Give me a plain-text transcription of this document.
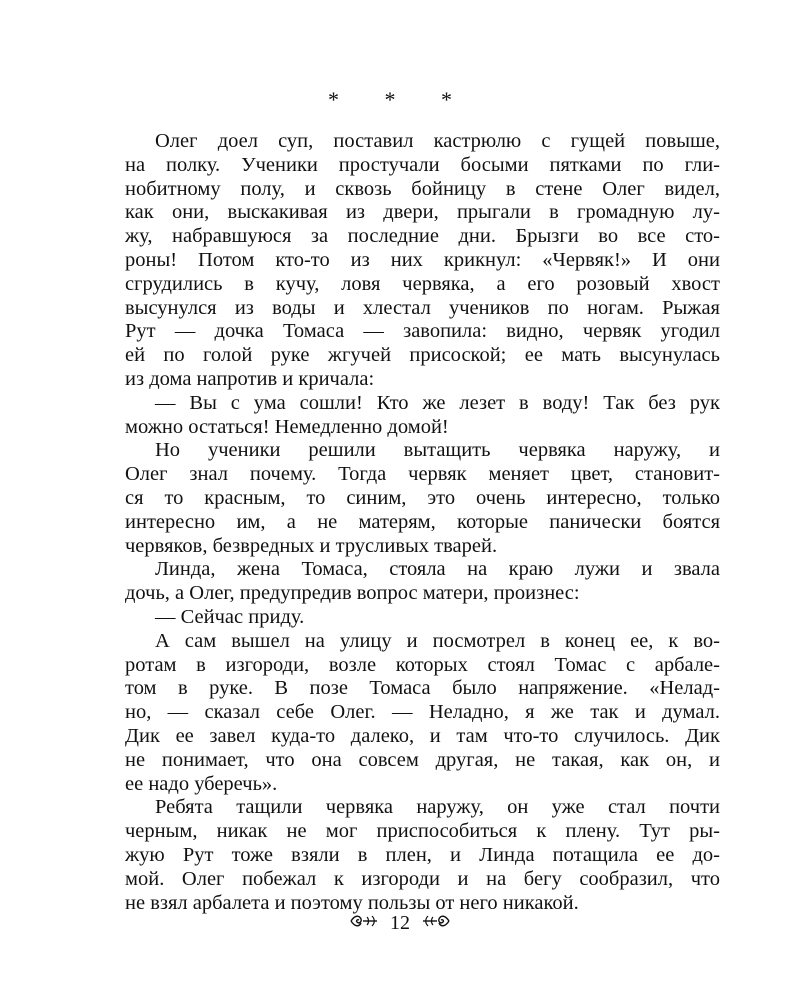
* * *
Олег доел суп, поставил кастрюлю с гущей повыше,
на полку. Ученики простучали босыми пятками по гли-
нобитному полу, и сквозь бойницу в стене Олег видел,
как они, выскакивая из двери, прыгали в громадную лу-
жу, набравшуюся за последние дни. Брызги во все сто-
роны! Потом кто-то из них крикнул: «Червяк!» И они
сгрудились в кучу, ловя червяка, а его розовый хвост
высунулся из воды и хлестал учеников по ногам. Рыжая
Рут — дочка Томаса — завопила: видно, червяк угодил
ей по голой руке жгучей присоской; ее мать высунулась
из дома напротив и кричала:
— Вы с ума сошли! Кто же лезет в воду! Так без рук
можно остаться! Немедленно домой!
Но ученики решили вытащить червяка наружу, и
Олег знал почему. Тогда червяк меняет цвет, становит-
ся то красным, то синим, это очень интересно, только
интересно им, а не матерям, которые панически боятся
червяков, безвредных и трусливых тварей.
Линда, жена Томаса, стояла на краю лужи и звала
дочь, а Олег, предупредив вопрос матери, произнес:
— Сейчас приду.
А сам вышел на улицу и посмотрел в конец ее, к во-
ротам в изгороди, возле которых стоял Томас с арбале-
том в руке. В позе Томаса было напряжение. «Нелад-
но, — сказал себе Олег. — Неладно, я же так и думал.
Дик ее завел куда-то далеко, и там что-то случилось. Дик
не понимает, что она совсем другая, не такая, как он, и
ее надо уберечь».
Ребята тащили червяка наружу, он уже стал почти
черным, никак не мог приспособиться к плену. Тут ры-
жую Рут тоже взяли в плен, и Линда потащила ее до-
мой. Олег побежал к изгороди и на бегу сообразил, что
не взял арбалета и поэтому пользы от него никакой.
12
